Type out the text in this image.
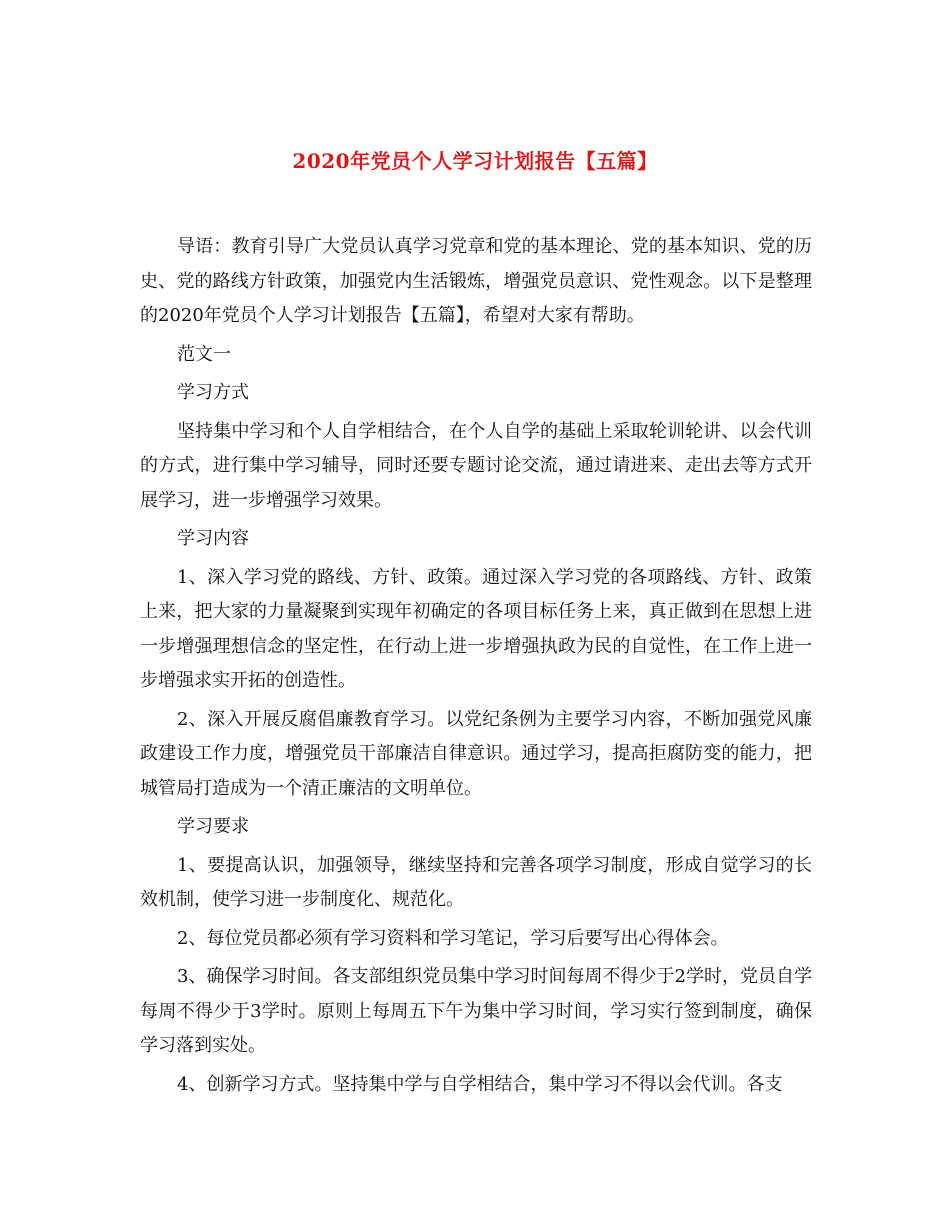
2020年党员个人学习计划报告【五篇】

导语：教育引导广大党员认真学习党章和党的基本理论、党的基本知识、党的历史、党的路线方针政策，加强党内生活锻炼，增强党员意识、党性观念。以下是整理的2020年党员个人学习计划报告【五篇】，希望对大家有帮助。

范文一

学习方式

坚持集中学习和个人自学相结合，在个人自学的基础上采取轮训轮讲、以会代训的方式，进行集中学习辅导，同时还要专题讨论交流，通过请进来、走出去等方式开展学习，进一步增强学习效果。

学习内容

1、深入学习党的路线、方针、政策。通过深入学习党的各项路线、方针、政策上来，把大家的力量凝聚到实现年初确定的各项目标任务上来，真正做到在思想上进一步增强理想信念的坚定性，在行动上进一步增强执政为民的自觉性，在工作上进一步增强求实开拓的创造性。

2、深入开展反腐倡廉教育学习。以党纪条例为主要学习内容，不断加强党风廉政建设工作力度，增强党员干部廉洁自律意识。通过学习，提高拒腐防变的能力，把城管局打造成为一个清正廉洁的文明单位。

学习要求

1、要提高认识，加强领导，继续坚持和完善各项学习制度，形成自觉学习的长效机制，使学习进一步制度化、规范化。

2、每位党员都必须有学习资料和学习笔记，学习后要写出心得体会。

3、确保学习时间。各支部组织党员集中学习时间每周不得少于2学时，党员自学每周不得少于3学时。原则上每周五下午为集中学习时间，学习实行签到制度，确保学习落到实处。

4、创新学习方式。坚持集中学与自学相结合，集中学习不得以会代训。各支
